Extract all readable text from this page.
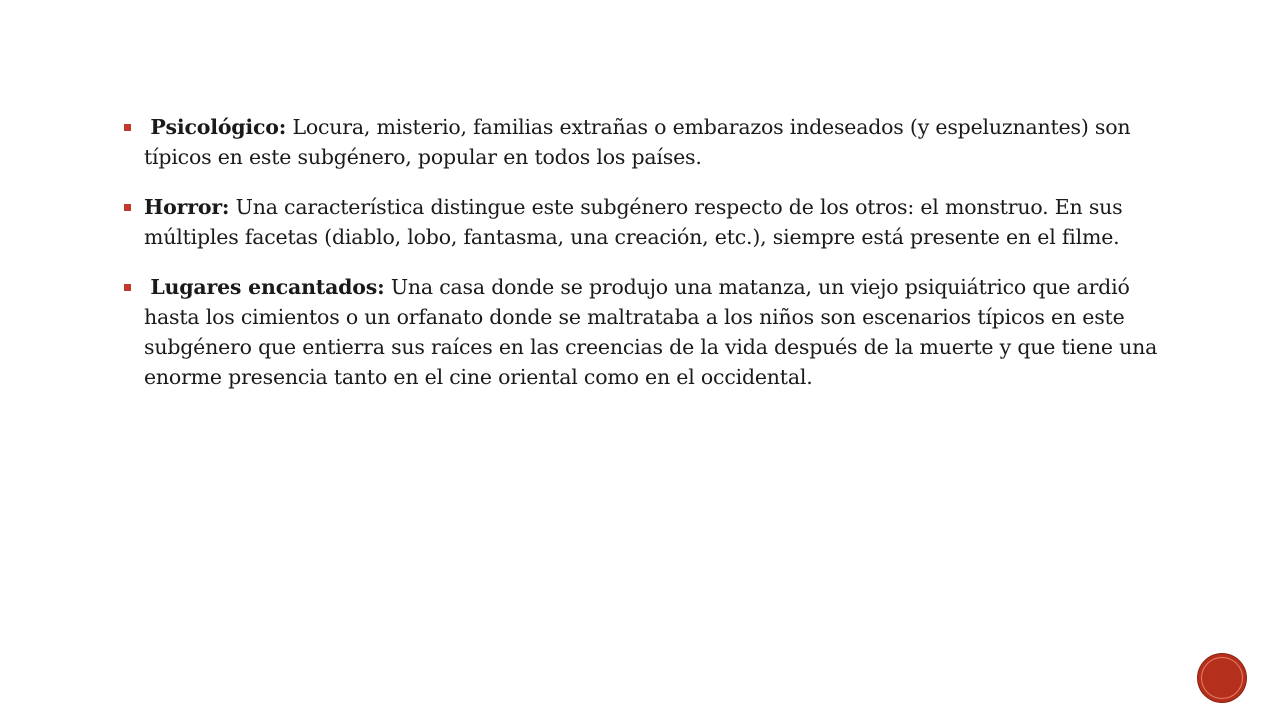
Psicológico: Locura, misterio, familias extrañas o embarazos indeseados (y espeluznantes) son típicos en este subgénero, popular en todos los países.
Horror: Una característica distingue este subgénero respecto de los otros: el monstruo. En sus múltiples facetas (diablo, lobo, fantasma, una creación, etc.), siempre está presente en el filme.
Lugares encantados: Una casa donde se produjo una matanza, un viejo psiquiátrico que ardió hasta los cimientos o un orfanato donde se maltrataba a los niños son escenarios típicos en este subgénero que entierra sus raíces en las creencias de la vida después de la muerte y que tiene una enorme presencia tanto en el cine oriental como en el occidental.
